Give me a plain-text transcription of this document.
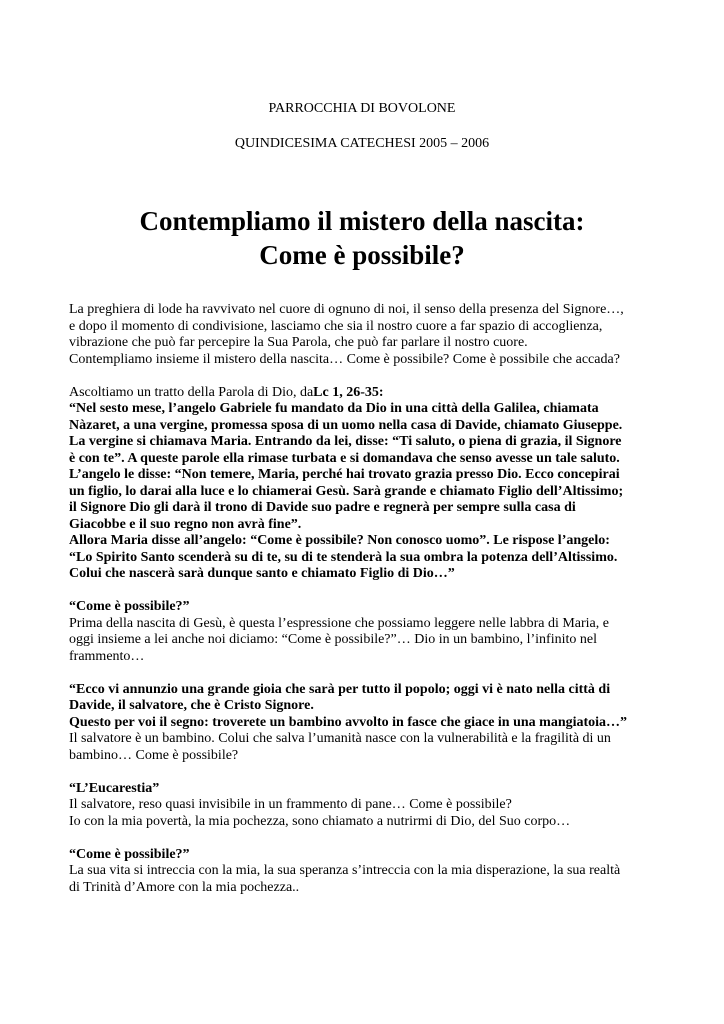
PARROCCHIA DI BOVOLONE
QUINDICESIMA CATECHESI 2005 – 2006
Contempliamo il mistero della nascita:
Come è possibile?

La preghiera di lode ha ravvivato nel cuore di ognuno di noi, il senso della presenza del Signore…,

e dopo il momento di condivisione, lasciamo che sia il nostro cuore a far spazio di accoglienza,

vibrazione che può far percepire la Sua Parola, che può far parlare il nostro cuore.

Contempliamo insieme il mistero della nascita… Come è possibile? Come è possibile che accada?

Ascoltiamo un tratto della Parola di Dio, daLc 1, 26-35:

“Nel sesto mese, l’angelo Gabriele fu mandato da Dio in una città della Galilea, chiamata

Nàzaret, a una vergine, promessa sposa di un uomo nella casa di Davide, chiamato Giuseppe.

La vergine si chiamava Maria. Entrando da lei, disse: “Ti saluto, o piena di grazia, il Signore

è con te”. A queste parole ella rimase turbata e si domandava che senso avesse un tale saluto.

L’angelo le disse: “Non temere, Maria, perché hai trovato grazia presso Dio. Ecco concepirai

un figlio, lo darai alla luce e lo chiamerai Gesù. Sarà grande e chiamato Figlio dell’Altissimo;

il Signore Dio gli darà il trono di Davide suo padre e regnerà per sempre sulla casa di

Giacobbe e il suo regno non avrà fine”.

Allora Maria disse all’angelo: “Come è possibile? Non conosco uomo”. Le rispose l’angelo:

“Lo Spirito Santo scenderà su di te, su di te stenderà la sua ombra la potenza dell’Altissimo.

Colui che nascerà sarà dunque santo e chiamato Figlio di Dio…”

“Come è possibile?”

Prima della nascita di Gesù, è questa l’espressione che possiamo leggere nelle labbra di Maria, e

oggi insieme a lei anche noi diciamo: “Come è possibile?”… Dio in un bambino, l’infinito nel

frammento…

“Ecco vi annunzio una grande gioia che sarà per tutto il popolo; oggi vi è nato nella città di

Davide, il salvatore, che è Cristo Signore.

Questo per voi il segno: troverete un bambino avvolto in fasce che giace in una mangiatoia…”

Il salvatore è un bambino. Colui che salva l’umanità nasce con la vulnerabilità e la fragilità di un

bambino… Come è possibile?

“L’Eucarestia”

Il salvatore, reso quasi invisibile in un frammento di pane… Come è possibile?

Io con la mia povertà, la mia pochezza, sono chiamato a nutrirmi di Dio, del Suo corpo…

“Come è possibile?”

La sua vita si intreccia con la mia, la sua speranza s’intreccia con la mia disperazione, la sua realtà

di Trinità d’Amore con la mia pochezza..
